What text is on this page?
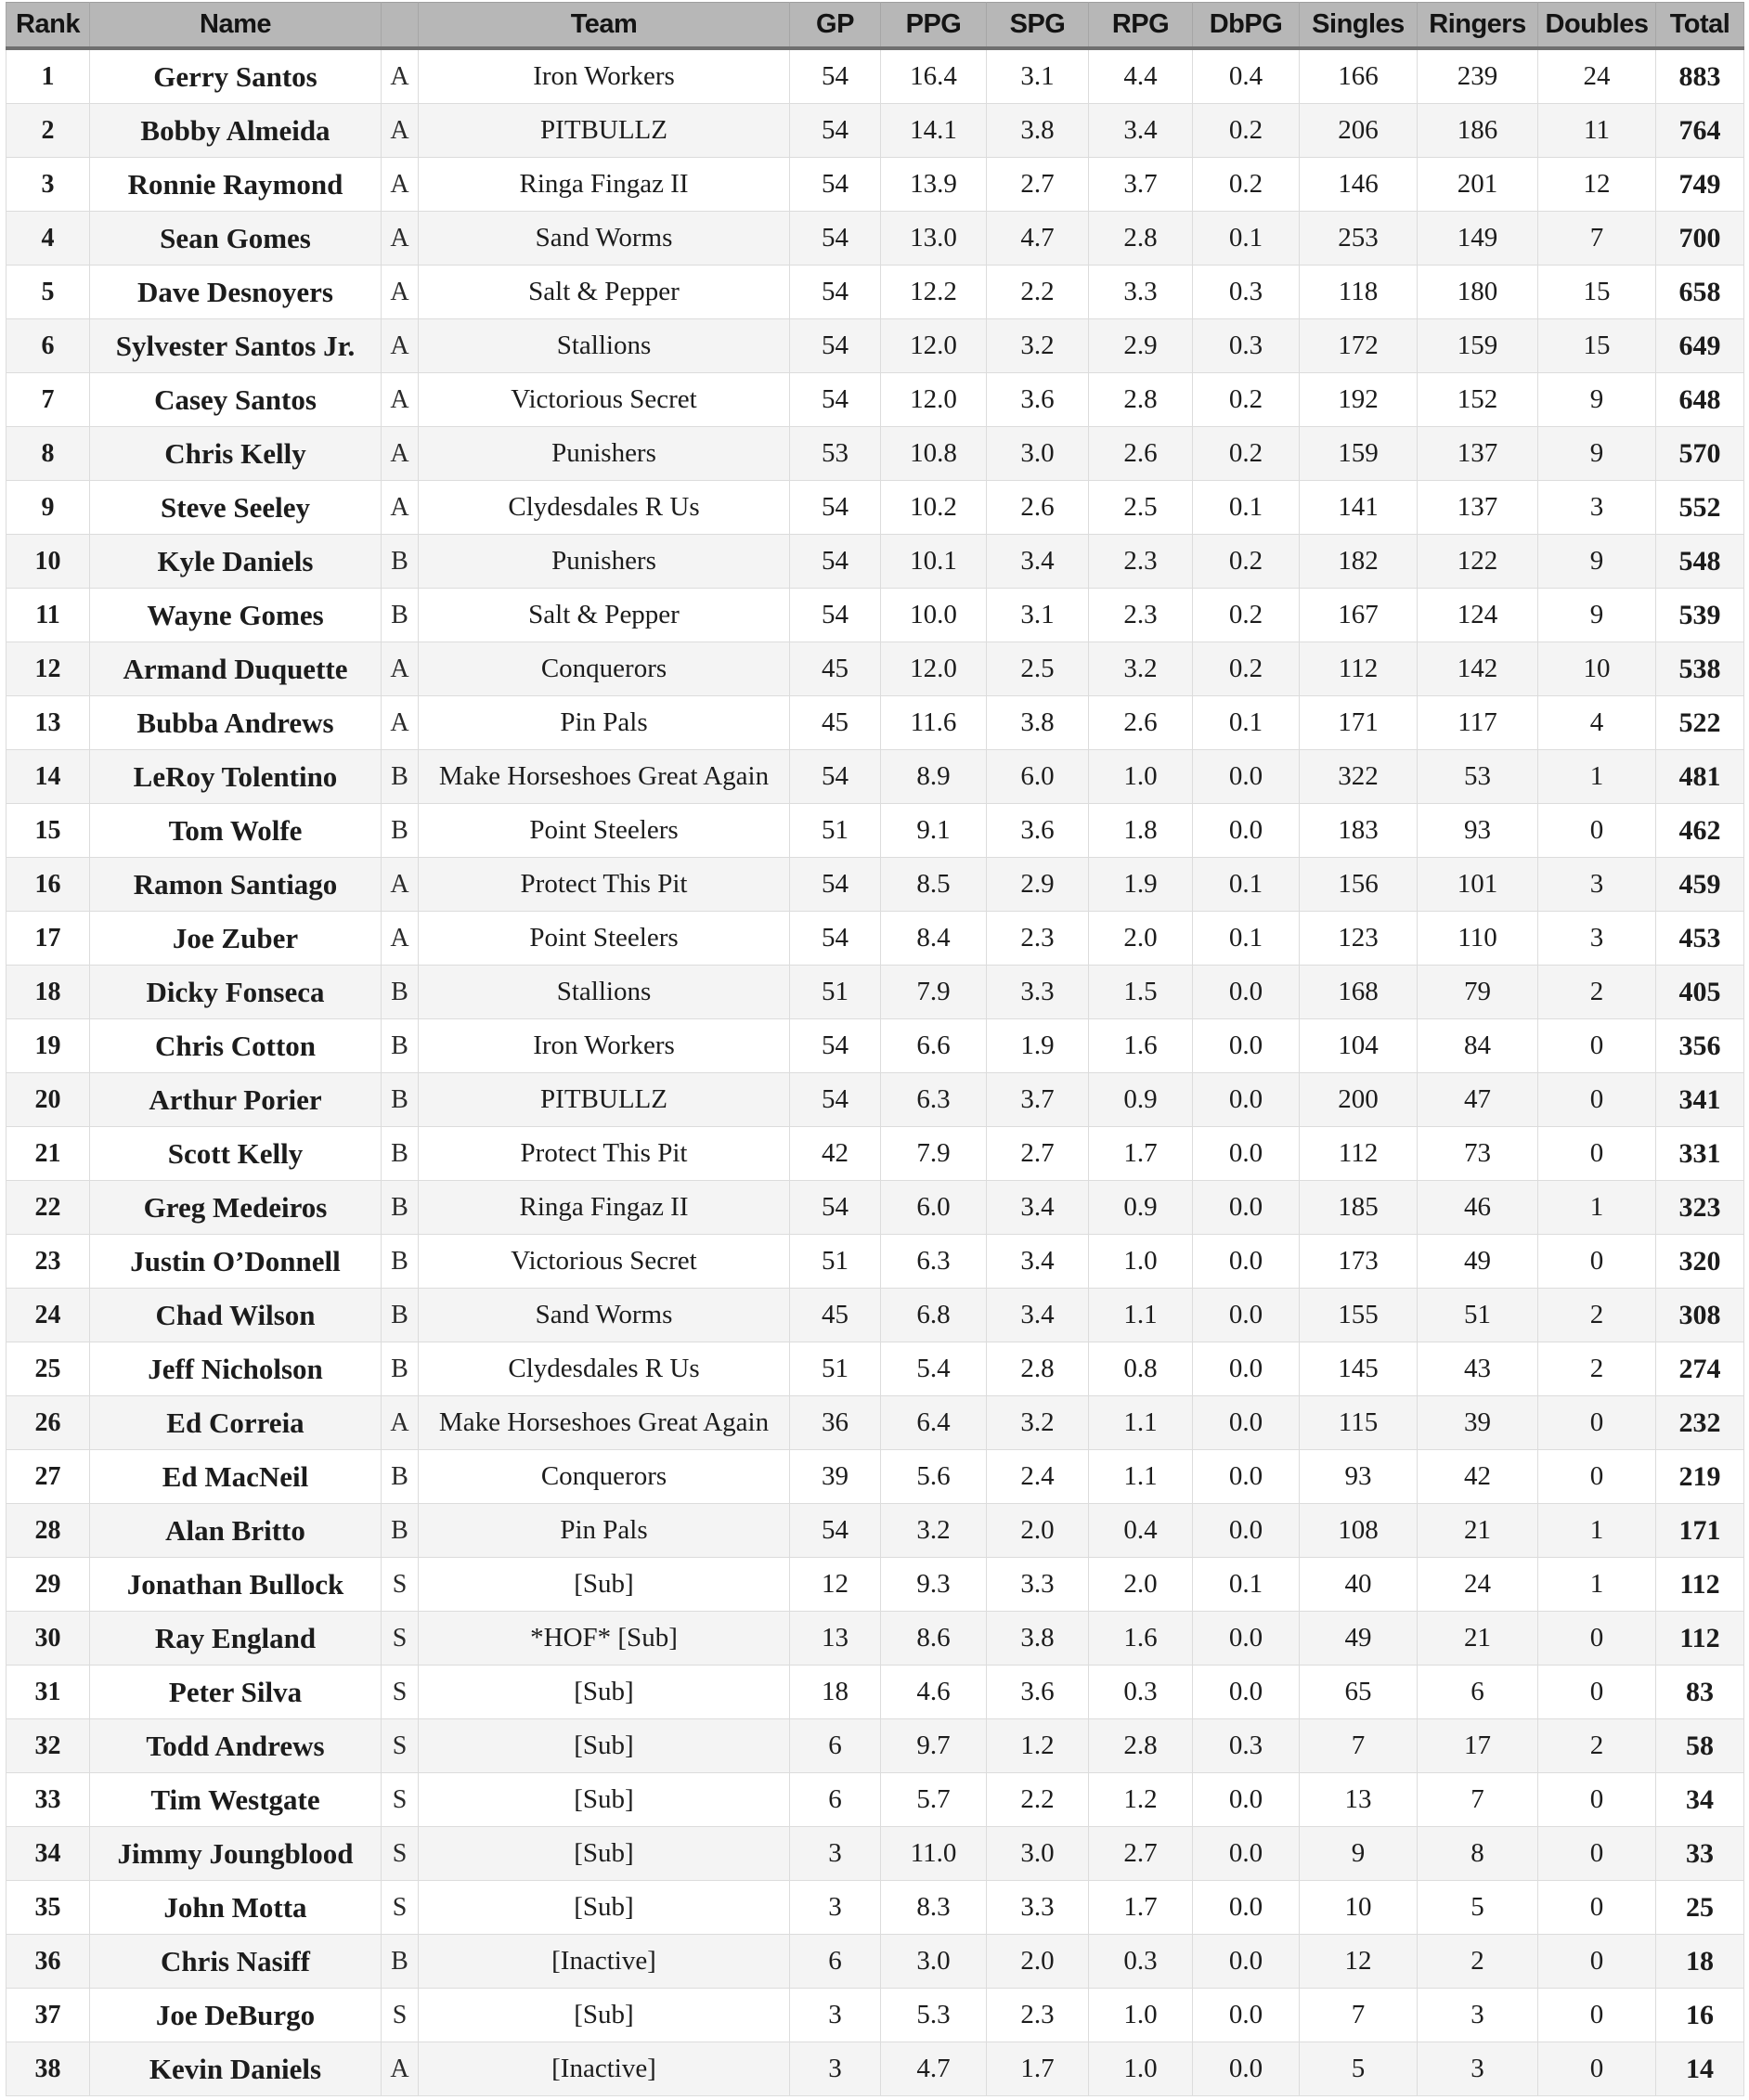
Rank	Name		Team	GP	PPG	SPG	RPG	DbPG	Singles	Ringers	Doubles	Total
1	Gerry Santos	A	Iron Workers	54	16.4	3.1	4.4	0.4	166	239	24	883
2	Bobby Almeida	A	PITBULLZ	54	14.1	3.8	3.4	0.2	206	186	11	764
3	Ronnie Raymond	A	Ringa Fingaz II	54	13.9	2.7	3.7	0.2	146	201	12	749
4	Sean Gomes	A	Sand Worms	54	13.0	4.7	2.8	0.1	253	149	7	700
5	Dave Desnoyers	A	Salt & Pepper	54	12.2	2.2	3.3	0.3	118	180	15	658
6	Sylvester Santos Jr.	A	Stallions	54	12.0	3.2	2.9	0.3	172	159	15	649
7	Casey Santos	A	Victorious Secret	54	12.0	3.6	2.8	0.2	192	152	9	648
8	Chris Kelly	A	Punishers	53	10.8	3.0	2.6	0.2	159	137	9	570
9	Steve Seeley	A	Clydesdales R Us	54	10.2	2.6	2.5	0.1	141	137	3	552
10	Kyle Daniels	B	Punishers	54	10.1	3.4	2.3	0.2	182	122	9	548
11	Wayne Gomes	B	Salt & Pepper	54	10.0	3.1	2.3	0.2	167	124	9	539
12	Armand Duquette	A	Conquerors	45	12.0	2.5	3.2	0.2	112	142	10	538
13	Bubba Andrews	A	Pin Pals	45	11.6	3.8	2.6	0.1	171	117	4	522
14	LeRoy Tolentino	B	Make Horseshoes Great Again	54	8.9	6.0	1.0	0.0	322	53	1	481
15	Tom Wolfe	B	Point Steelers	51	9.1	3.6	1.8	0.0	183	93	0	462
16	Ramon Santiago	A	Protect This Pit	54	8.5	2.9	1.9	0.1	156	101	3	459
17	Joe Zuber	A	Point Steelers	54	8.4	2.3	2.0	0.1	123	110	3	453
18	Dicky Fonseca	B	Stallions	51	7.9	3.3	1.5	0.0	168	79	2	405
19	Chris Cotton	B	Iron Workers	54	6.6	1.9	1.6	0.0	104	84	0	356
20	Arthur Porier	B	PITBULLZ	54	6.3	3.7	0.9	0.0	200	47	0	341
21	Scott Kelly	B	Protect This Pit	42	7.9	2.7	1.7	0.0	112	73	0	331
22	Greg Medeiros	B	Ringa Fingaz II	54	6.0	3.4	0.9	0.0	185	46	1	323
23	Justin O’Donnell	B	Victorious Secret	51	6.3	3.4	1.0	0.0	173	49	0	320
24	Chad Wilson	B	Sand Worms	45	6.8	3.4	1.1	0.0	155	51	2	308
25	Jeff Nicholson	B	Clydesdales R Us	51	5.4	2.8	0.8	0.0	145	43	2	274
26	Ed Correia	A	Make Horseshoes Great Again	36	6.4	3.2	1.1	0.0	115	39	0	232
27	Ed MacNeil	B	Conquerors	39	5.6	2.4	1.1	0.0	93	42	0	219
28	Alan Britto	B	Pin Pals	54	3.2	2.0	0.4	0.0	108	21	1	171
29	Jonathan Bullock	S	[Sub]	12	9.3	3.3	2.0	0.1	40	24	1	112
30	Ray England	S	*HOF* [Sub]	13	8.6	3.8	1.6	0.0	49	21	0	112
31	Peter Silva	S	[Sub]	18	4.6	3.6	0.3	0.0	65	6	0	83
32	Todd Andrews	S	[Sub]	6	9.7	1.2	2.8	0.3	7	17	2	58
33	Tim Westgate	S	[Sub]	6	5.7	2.2	1.2	0.0	13	7	0	34
34	Jimmy Joungblood	S	[Sub]	3	11.0	3.0	2.7	0.0	9	8	0	33
35	John Motta	S	[Sub]	3	8.3	3.3	1.7	0.0	10	5	0	25
36	Chris Nasiff	B	[Inactive]	6	3.0	2.0	0.3	0.0	12	2	0	18
37	Joe DeBurgo	S	[Sub]	3	5.3	2.3	1.0	0.0	7	3	0	16
38	Kevin Daniels	A	[Inactive]	3	4.7	1.7	1.0	0.0	5	3	0	14
